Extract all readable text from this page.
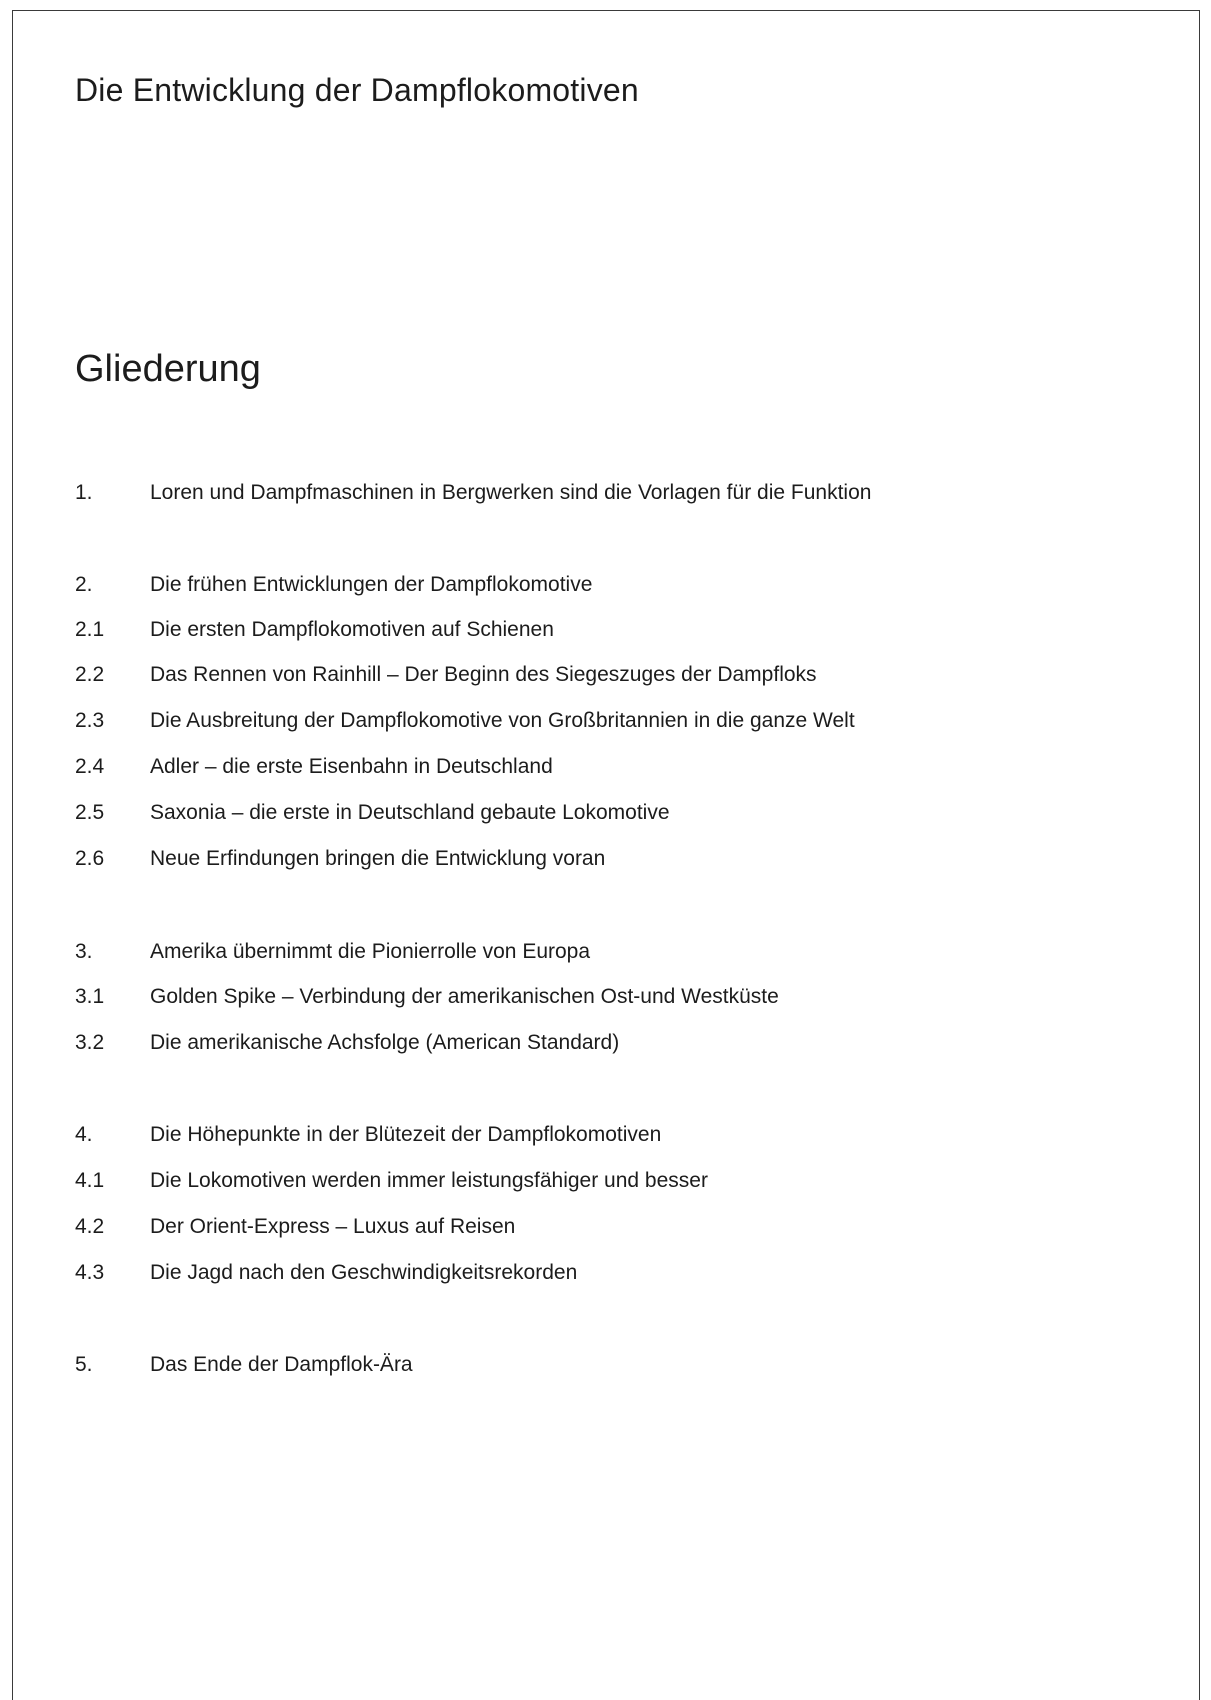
Die Entwicklung der Dampflokomotiven
Gliederung
1.	Loren und Dampfmaschinen in Bergwerken sind die Vorlagen für die Funktion
2.	Die frühen Entwicklungen der Dampflokomotive
2.1	Die ersten Dampflokomotiven auf Schienen
2.2	Das Rennen von Rainhill – Der Beginn des Siegeszuges der Dampfloks
2.3	Die Ausbreitung der Dampflokomotive von Großbritannien in die ganze Welt
2.4	Adler – die erste Eisenbahn in Deutschland
2.5	Saxonia – die erste in Deutschland gebaute Lokomotive
2.6	Neue Erfindungen bringen die Entwicklung voran
3.	Amerika übernimmt die Pionierrolle von Europa
3.1	Golden Spike – Verbindung der amerikanischen Ost-und Westküste
3.2	Die amerikanische Achsfolge (American Standard)
4.	Die Höhepunkte in der Blütezeit der Dampflokomotiven
4.1	Die Lokomotiven werden immer leistungsfähiger und besser
4.2	Der Orient-Express – Luxus auf Reisen
4.3	Die Jagd nach den Geschwindigkeitsrekorden
5.	Das Ende der Dampflok-Ära
